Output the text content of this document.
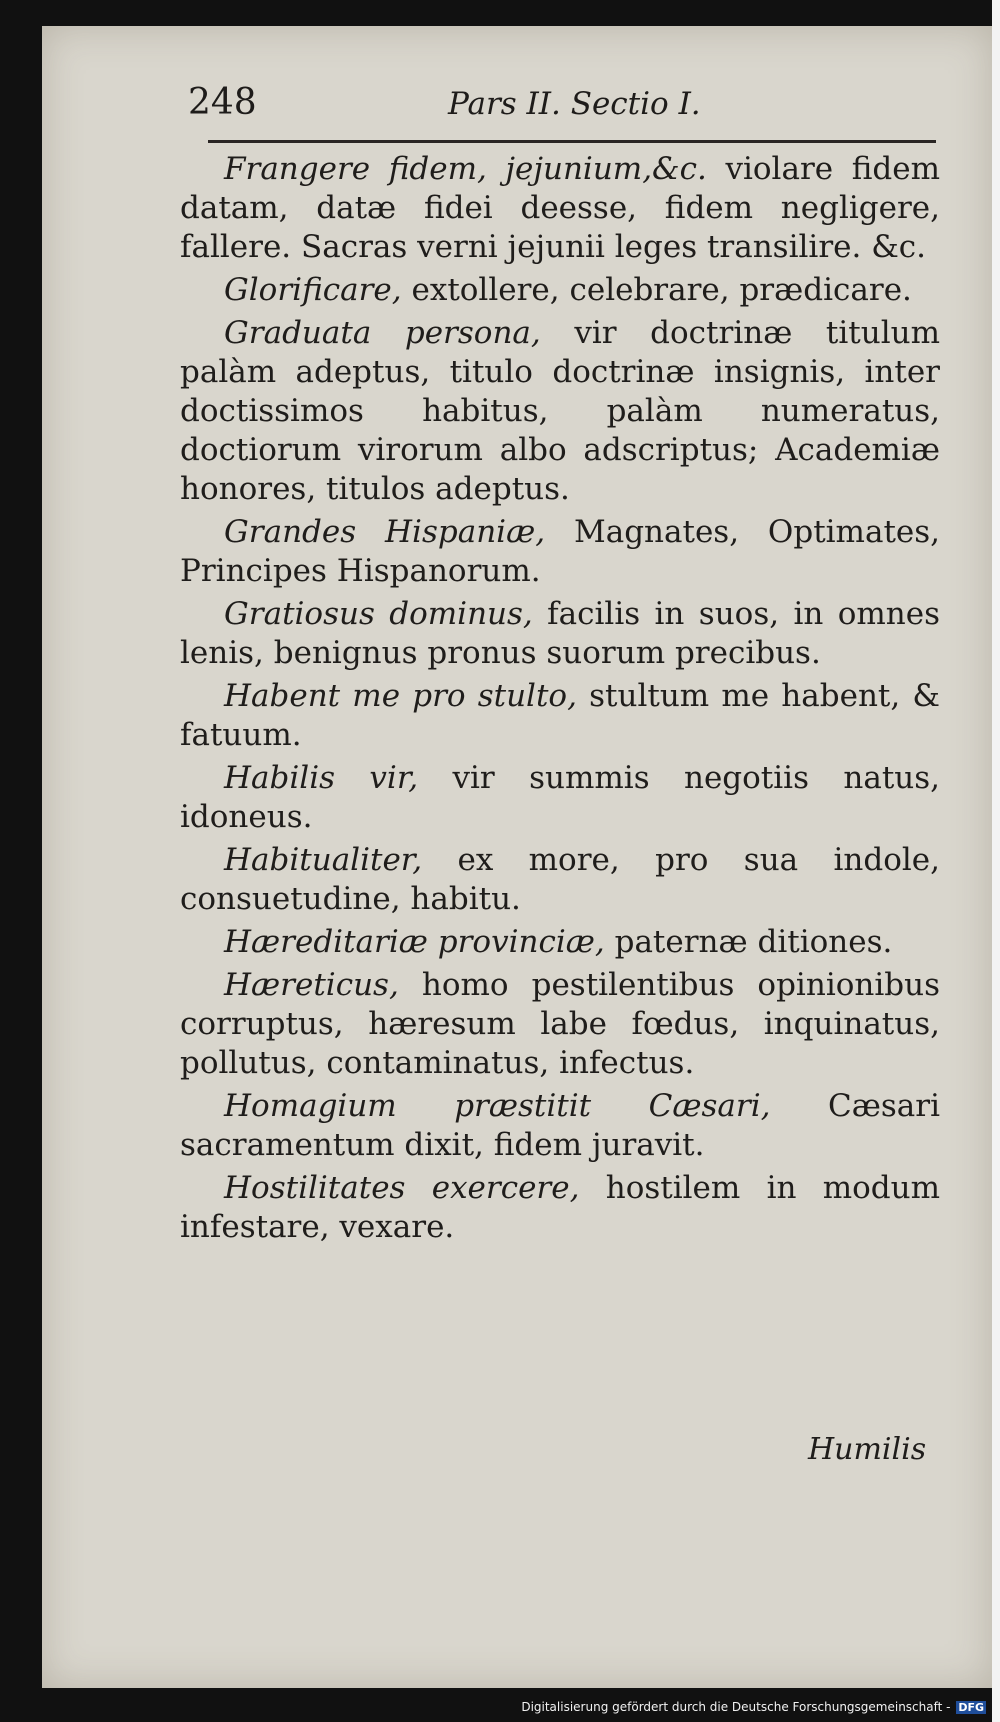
248	Pars II. Sectio I.

Frangere fidem, jejunium,&c. violare fidem datam, datæ fidei deesse, fidem negligere, fallere. Sacras verni jejunii leges transilire. &c.

Glorificare, extollere, celebrare, prædicare.

Graduata persona, vir doctrinæ titulum palàm adeptus, titulo doctrinæ insignis, inter doctissimos habitus, palàm numeratus, doctiorum virorum albo adscriptus; Academiæ honores, titulos adeptus.

Grandes Hispaniæ, Magnates, Optimates, Principes Hispanorum.

Gratiosus dominus, facilis in suos, in omnes lenis, benignus pronus suorum precibus.

Habent me pro stulto, stultum me habent, & fatuum.

Habilis vir, vir summis negotiis natus, idoneus.

Habitualiter, ex more, pro sua indole, consuetudine, habitu.

Hæreditariæ provinciæ, paternæ ditiones.

Hæreticus, homo pestilentibus opinionibus corruptus, hæresum labe fœdus, inquinatus, pollutus, contaminatus, infectus.

Homagium præstitit Cæsari, Cæsari sacramentum dixit, fidem juravit.

Hostilitates exercere, hostilem in modum infestare, vexare.

Humilis
Digitalisierung gefördert durch die Deutsche Forschungsgemeinschaft - DFG
